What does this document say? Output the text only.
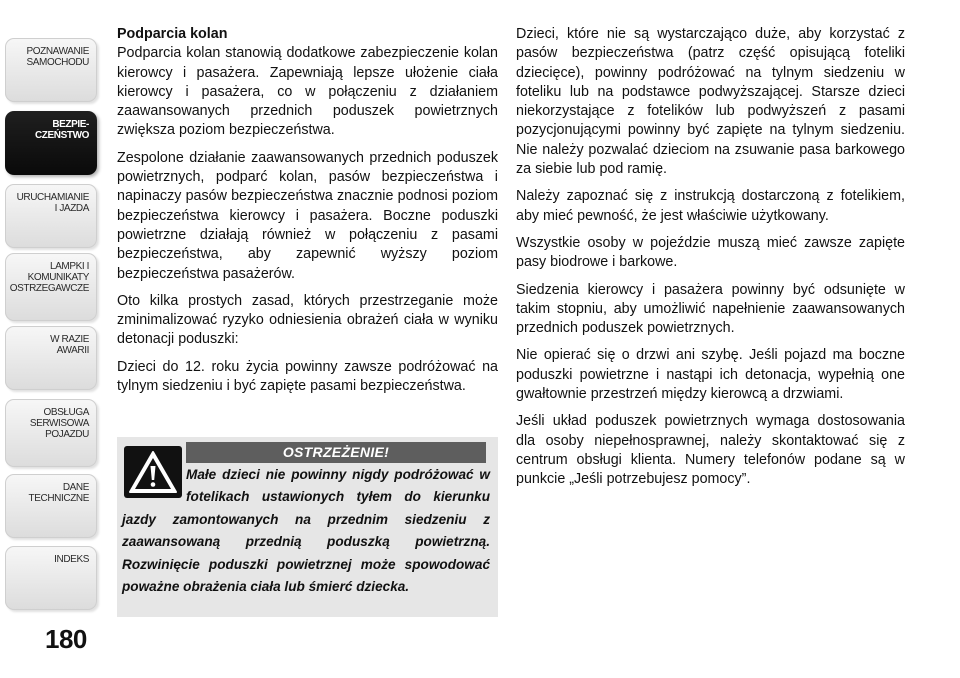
POZNAWANIE
SAMOCHODU
BEZPIE-
CZEŃSTWO
URUCHAMIANIE
I JAZDA
LAMPKI I
KOMUNIKATY
OSTRZEGAWCZE
W RAZIE
AWARII
OBSŁUGA
SERWISOWA
POJAZDU
DANE
TECHNICZNE
INDEKS
180

Podparcia kolan

Podparcia kolan stanowią dodatkowe zabezpieczenie kolan kierowcy i pasażera. Zapewniają lepsze ułożenie ciała kierowcy i pasażera, co w połączeniu z działaniem zaawansowanych przednich poduszek powietrznych zwiększa poziom bezpieczeństwa.

Zespolone działanie zaawansowanych przednich poduszek powietrznych, podparć kolan, pasów bezpieczeństwa i napinaczy pasów bezpieczeństwa znacznie podnosi poziom bezpieczeństwa kierowcy i pasażera. Boczne poduszki powietrzne działają również w połączeniu z pasami bezpieczeństwa, aby zapewnić wyższy poziom bezpieczeństwa pasażerów.

Oto kilka prostych zasad, których przestrzeganie może zminimalizować ryzyko odniesienia obrażeń ciała w wyniku detonacji poduszki:

Dzieci do 12. roku życia powinny zawsze podróżować na tylnym siedzeniu i być zapięte pasami bezpieczeństwa.

OSTRZEŻENIE!
Małe dzieci nie powinny nigdy podróżować w fotelikach ustawionych tyłem do kierunku jazdy zamontowanych na przednim siedzeniu z zaawansowaną przednią poduszką powietrzną. Rozwinięcie poduszki powietrznej może spowodować poważne obrażenia ciała lub śmierć dziecka.

Dzieci, które nie są wystarczająco duże, aby korzystać z pasów bezpieczeństwa (patrz część opisującą foteliki dziecięce), powinny podróżować na tylnym siedzeniu w foteliku lub na podstawce podwyższającej. Starsze dzieci niekorzystające z fotelików lub podwyższeń z pasami pozycjonującymi powinny być zapięte na tylnym siedzeniu. Nie należy pozwalać dzieciom na zsuwanie pasa barkowego za siebie lub pod ramię.

Należy zapoznać się z instrukcją dostarczoną z fotelikiem, aby mieć pewność, że jest właściwie użytkowany.

Wszystkie osoby w pojeździe muszą mieć zawsze zapięte pasy biodrowe i barkowe.

Siedzenia kierowcy i pasażera powinny być odsunięte w takim stopniu, aby umożliwić napełnienie zaawansowanych przednich poduszek powietrznych.

Nie opierać się o drzwi ani szybę. Jeśli pojazd ma boczne poduszki powietrzne i nastąpi ich detonacja, wypełnią one gwałtownie przestrzeń między kierowcą a drzwiami.

Jeśli układ poduszek powietrznych wymaga dostosowania dla osoby niepełnosprawnej, należy skontaktować się z centrum obsługi klienta. Numery telefonów podane są w punkcie „Jeśli potrzebujesz pomocy”.
